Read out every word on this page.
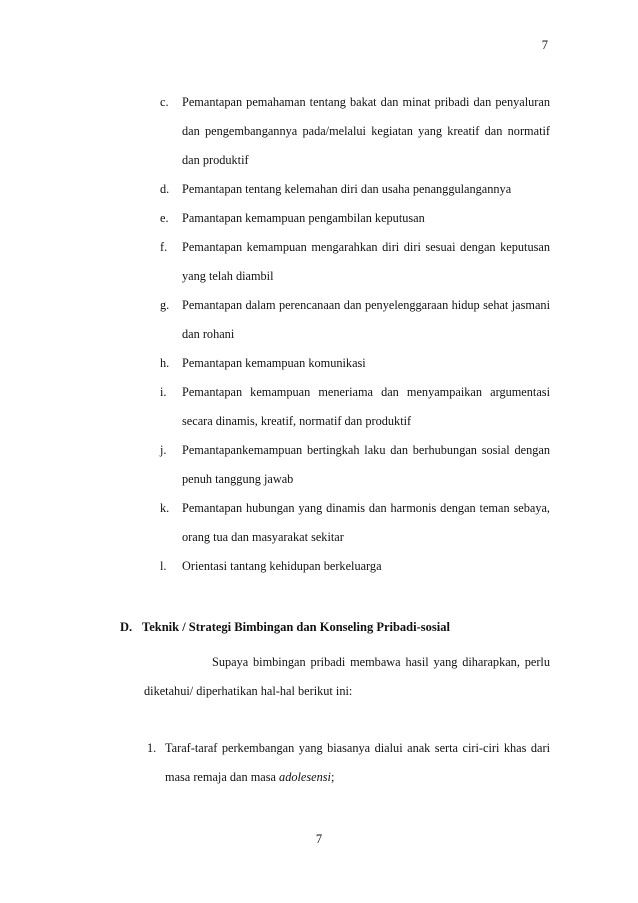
7
c. Pemantapan pemahaman tentang bakat dan minat pribadi dan penyaluran dan pengembangannya pada/melalui kegiatan yang kreatif dan normatif dan produktif
d. Pemantapan tentang kelemahan diri dan usaha penanggulangannya
e. Pamantapan kemampuan pengambilan keputusan
f. Pemantapan kemampuan mengarahkan diri diri sesuai dengan keputusan yang telah diambil
g. Pemantapan dalam perencanaan dan penyelenggaraan hidup sehat jasmani dan rohani
h. Pemantapan kemampuan komunikasi
i. Pemantapan kemampuan meneriama dan menyampaikan argumentasi secara dinamis, kreatif, normatif dan produktif
j. Pemantapankemampuan bertingkah laku dan berhubungan sosial dengan penuh tanggung jawab
k. Pemantapan hubungan yang dinamis dan harmonis dengan teman sebaya, orang tua dan masyarakat sekitar
l. Orientasi tantang kehidupan berkeluarga
D. Teknik / Strategi Bimbingan dan Konseling Pribadi-sosial
Supaya bimbingan pribadi membawa hasil yang diharapkan, perlu diketahui/ diperhatikan hal-hal berikut ini:
1. Taraf-taraf perkembangan yang biasanya dialui anak serta ciri-ciri khas dari masa remaja dan masa adolesensi;
7
